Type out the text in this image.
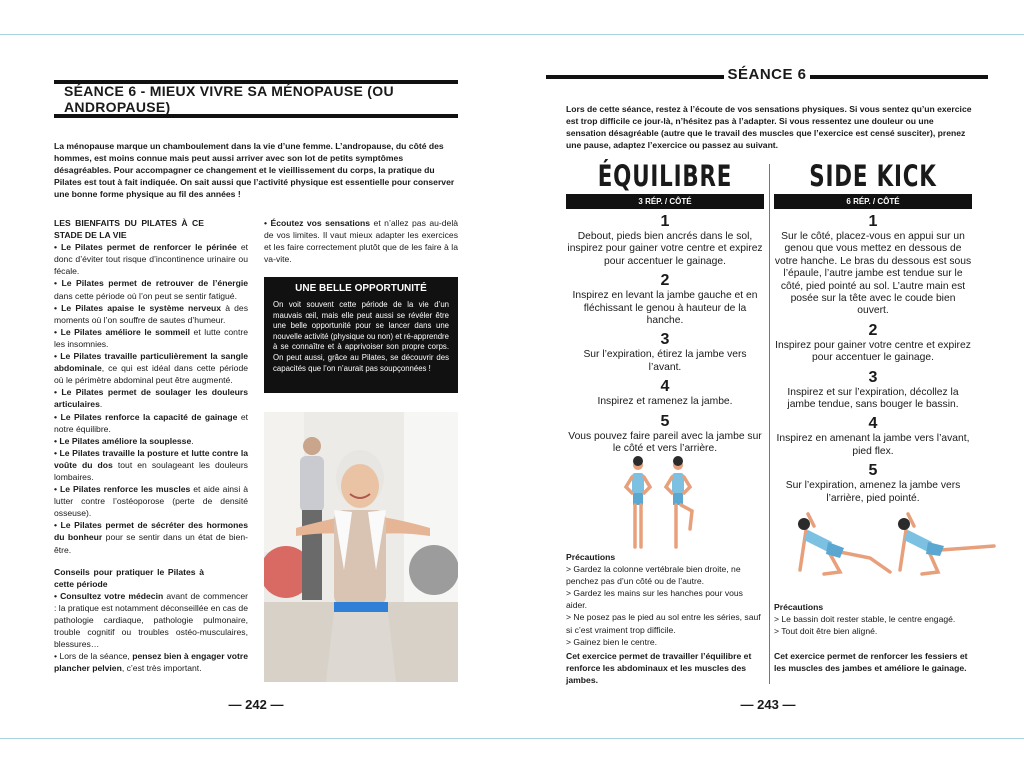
SÉANCE 6 - MIEUX VIVRE SA MÉNOPAUSE (OU ANDROPAUSE)

La ménopause marque un chamboulement dans la vie d’une femme. L’andropause, du côté des hommes, est moins connue mais peut aussi arriver avec son lot de petits symptômes désagréables. Pour accompagner ce changement et le vieillissement du corps, la pratique du Pilates est tout à fait indiquée. On sait aussi que l’activité physique est essentielle pour conserver une bonne forme physique au fil des années !

LES BIENFAITS DU PILATES À CE STADE DE LA VIE

• Le Pilates permet de renforcer le périnée et donc d’éviter tout risque d’incontinence urinaire ou fécale.

• Le Pilates permet de retrouver de l’énergie dans cette période où l’on peut se sentir fatigué.

• Le Pilates apaise le système nerveux à des moments où l’on souffre de sautes d’humeur.

• Le Pilates améliore le sommeil et lutte contre les insomnies.

• Le Pilates travaille particulièrement la sangle abdominale, ce qui est idéal dans cette période où le périmètre abdominal peut être augmenté.

• Le Pilates permet de soulager les douleurs articulaires.

• Le Pilates renforce la capacité de gainage et notre équilibre.

• Le Pilates améliore la souplesse.

• Le Pilates travaille la posture et lutte contre la voûte du dos tout en soulageant les douleurs lombaires.

• Le Pilates renforce les muscles et aide ainsi à lutter contre l’ostéoporose (perte de densité osseuse).

• Le Pilates permet de sécréter des hormones du bonheur pour se sentir dans un état de bien-être.

Conseils pour pratiquer le Pilates à cette période

• Consultez votre médecin avant de commencer : la pratique est notamment déconseillée en cas de pathologie cardiaque, pathologie pulmonaire, trouble cognitif ou troubles ostéo-musculaires, blessures…

• Lors de la séance, pensez bien à engager votre plancher pelvien, c’est très important.

• Écoutez vos sensations et n’allez pas au-delà de vos limites. Il vaut mieux adapter les exercices et les faire correctement plutôt que de les faire à la va-vite.

UNE BELLE OPPORTUNITÉ

On voit souvent cette période de la vie d’un mauvais œil, mais elle peut aussi se révéler être une belle opportunité pour se lancer dans une nouvelle activité (physique ou non) et ré-apprendre à se connaître et à apprivoiser son propre corps. On peut aussi, grâce au Pilates, se découvrir des capacités que l’on n’aurait pas soupçonnées !

— 242 —
SÉANCE 6

Lors de cette séance, restez à l’écoute de vos sensations physiques. Si vous sentez qu’un exercice est trop difficile ce jour-là, n’hésitez pas à l’adapter. Si vous ressentez une douleur ou une sensation désagréable (autre que le travail des muscles que l’exercice est censé susciter), prenez une pause, adaptez l’exercice ou passez au suivant.

ÉQUILIBRE
3 RÉP. / CÔTÉ
1
Debout, pieds bien ancrés dans le sol, inspirez pour gainer votre centre et expirez pour accentuer le gainage.
2
Inspirez en levant la jambe gauche et en fléchissant le genou à hauteur de la hanche.
3
Sur l’expiration, étirez la jambe vers l’avant.
4
Inspirez et ramenez la jambe.
5
Vous pouvez faire pareil avec la jambe sur le côté et vers l’arrière.
SIDE KICK
6 RÉP. / CÔTÉ
1
Sur le côté, placez-vous en appui sur un genou que vous mettez en dessous de votre hanche. Le bras du dessous est sous l’épaule, l’autre jambe est tendue sur le côté, pied pointé au sol. L’autre main est posée sur la tête avec le coude bien ouvert.
2
Inspirez pour gainer votre centre et expirez pour accentuer le gainage.
3
Inspirez et sur l’expiration, décollez la jambe tendue, sans bouger le bassin.
4
Inspirez en amenant la jambe vers l’avant, pied flex.
5
Sur l’expiration, amenez la jambe vers l’arrière, pied pointé.

Précautions

> Gardez la colonne vertébrale bien droite, ne penchez pas d’un côté ou de l’autre.

> Gardez les mains sur les hanches pour vous aider.

> Ne posez pas le pied au sol entre les séries, sauf si c’est vraiment trop difficile.

> Gainez bien le centre.

Cet exercice permet de travailler l’équilibre et renforce les abdominaux et les muscles des jambes.

Précautions

> Le bassin doit rester stable, le centre engagé.

> Tout doit être bien aligné.

Cet exercice permet de renforcer les fessiers et les muscles des jambes et améliore le gainage.

— 243 —
